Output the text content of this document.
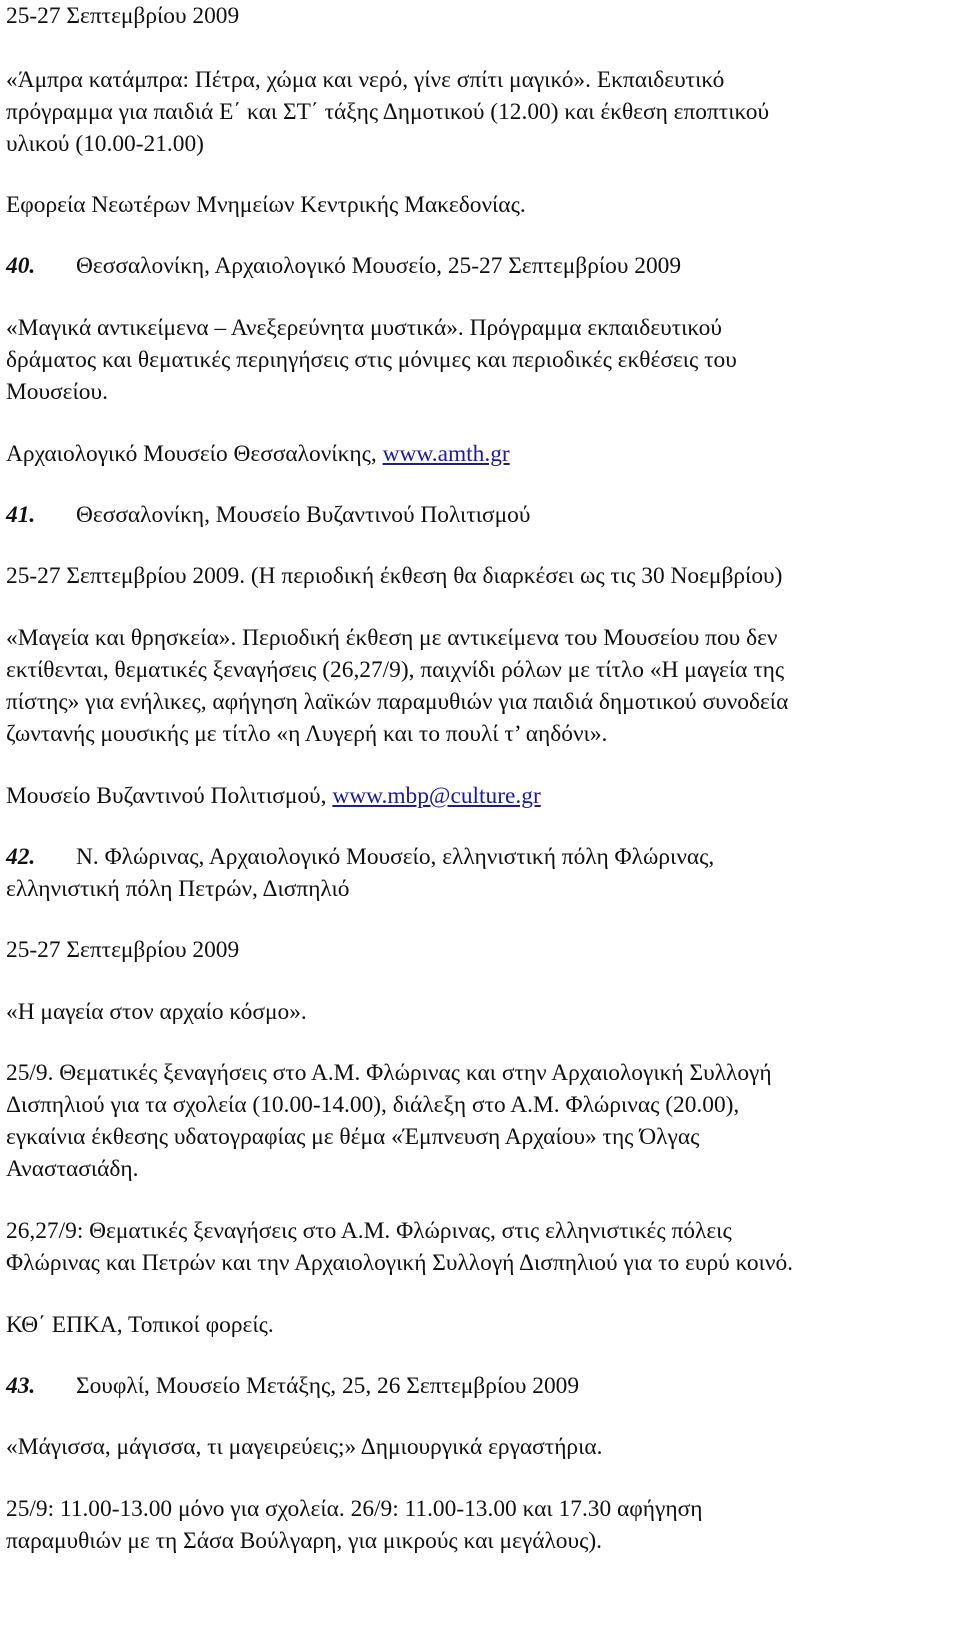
25-27 Σεπτεμβρίου 2009
«Άμπρα κατάμπρα: Πέτρα, χώμα και νερό, γίνε σπίτι μαγικό». Εκπαιδευτικό
πρόγραμμα για παιδιά Ε΄ και ΣΤ΄ τάξης Δημοτικού (12.00) και έκθεση εποπτικού
υλικού (10.00-21.00)
Εφορεία Νεωτέρων Μνημείων Κεντρικής Μακεδονίας.
40. Θεσσαλονίκη, Αρχαιολογικό Μουσείο, 25-27 Σεπτεμβρίου 2009
«Μαγικά αντικείμενα – Ανεξερεύνητα μυστικά». Πρόγραμμα εκπαιδευτικού
δράματος και θεματικές περιηγήσεις στις μόνιμες και περιοδικές εκθέσεις του
Μουσείου.
Αρχαιολογικό Μουσείο Θεσσαλονίκης, www.amth.gr
41. Θεσσαλονίκη, Μουσείο Βυζαντινού Πολιτισμού
25-27 Σεπτεμβρίου 2009. (Η περιοδική έκθεση θα διαρκέσει ως τις 30 Νοεμβρίου)
«Μαγεία και θρησκεία». Περιοδική έκθεση με αντικείμενα του Μουσείου που δεν
εκτίθενται, θεματικές ξεναγήσεις (26,27/9), παιχνίδι ρόλων με τίτλο «Η μαγεία της
πίστης» για ενήλικες, αφήγηση λαϊκών παραμυθιών για παιδιά δημοτικού συνοδεία
ζωντανής μουσικής με τίτλο «η Λυγερή και το πουλί τ’ αηδόνι».
Μουσείο Βυζαντινού Πολιτισμού, www.mbp@culture.gr
42. Ν. Φλώρινας, Αρχαιολογικό Μουσείο, ελληνιστική πόλη Φλώρινας,
ελληνιστική πόλη Πετρών, Δισπηλιό
25-27 Σεπτεμβρίου 2009
«Η μαγεία στον αρχαίο κόσμο».
25/9. Θεματικές ξεναγήσεις στο Α.Μ. Φλώρινας και στην Αρχαιολογική Συλλογή
Δισπηλιού για τα σχολεία (10.00-14.00), διάλεξη στο Α.Μ. Φλώρινας (20.00),
εγκαίνια έκθεσης υδατογραφίας με θέμα «Έμπνευση Αρχαίου» της Όλγας
Αναστασιάδη.
26,27/9: Θεματικές ξεναγήσεις στο Α.Μ. Φλώρινας, στις ελληνιστικές πόλεις
Φλώρινας και Πετρών και την Αρχαιολογική Συλλογή Δισπηλιού για το ευρύ κοινό.
ΚΘ΄ ΕΠΚΑ, Τοπικοί φορείς.
43. Σουφλί, Μουσείο Μετάξης, 25, 26 Σεπτεμβρίου 2009
«Μάγισσα, μάγισσα, τι μαγειρεύεις;» Δημιουργικά εργαστήρια.
25/9: 11.00-13.00 μόνο για σχολεία. 26/9: 11.00-13.00 και 17.30 αφήγηση
παραμυθιών με τη Σάσα Βούλγαρη, για μικρούς και μεγάλους).
